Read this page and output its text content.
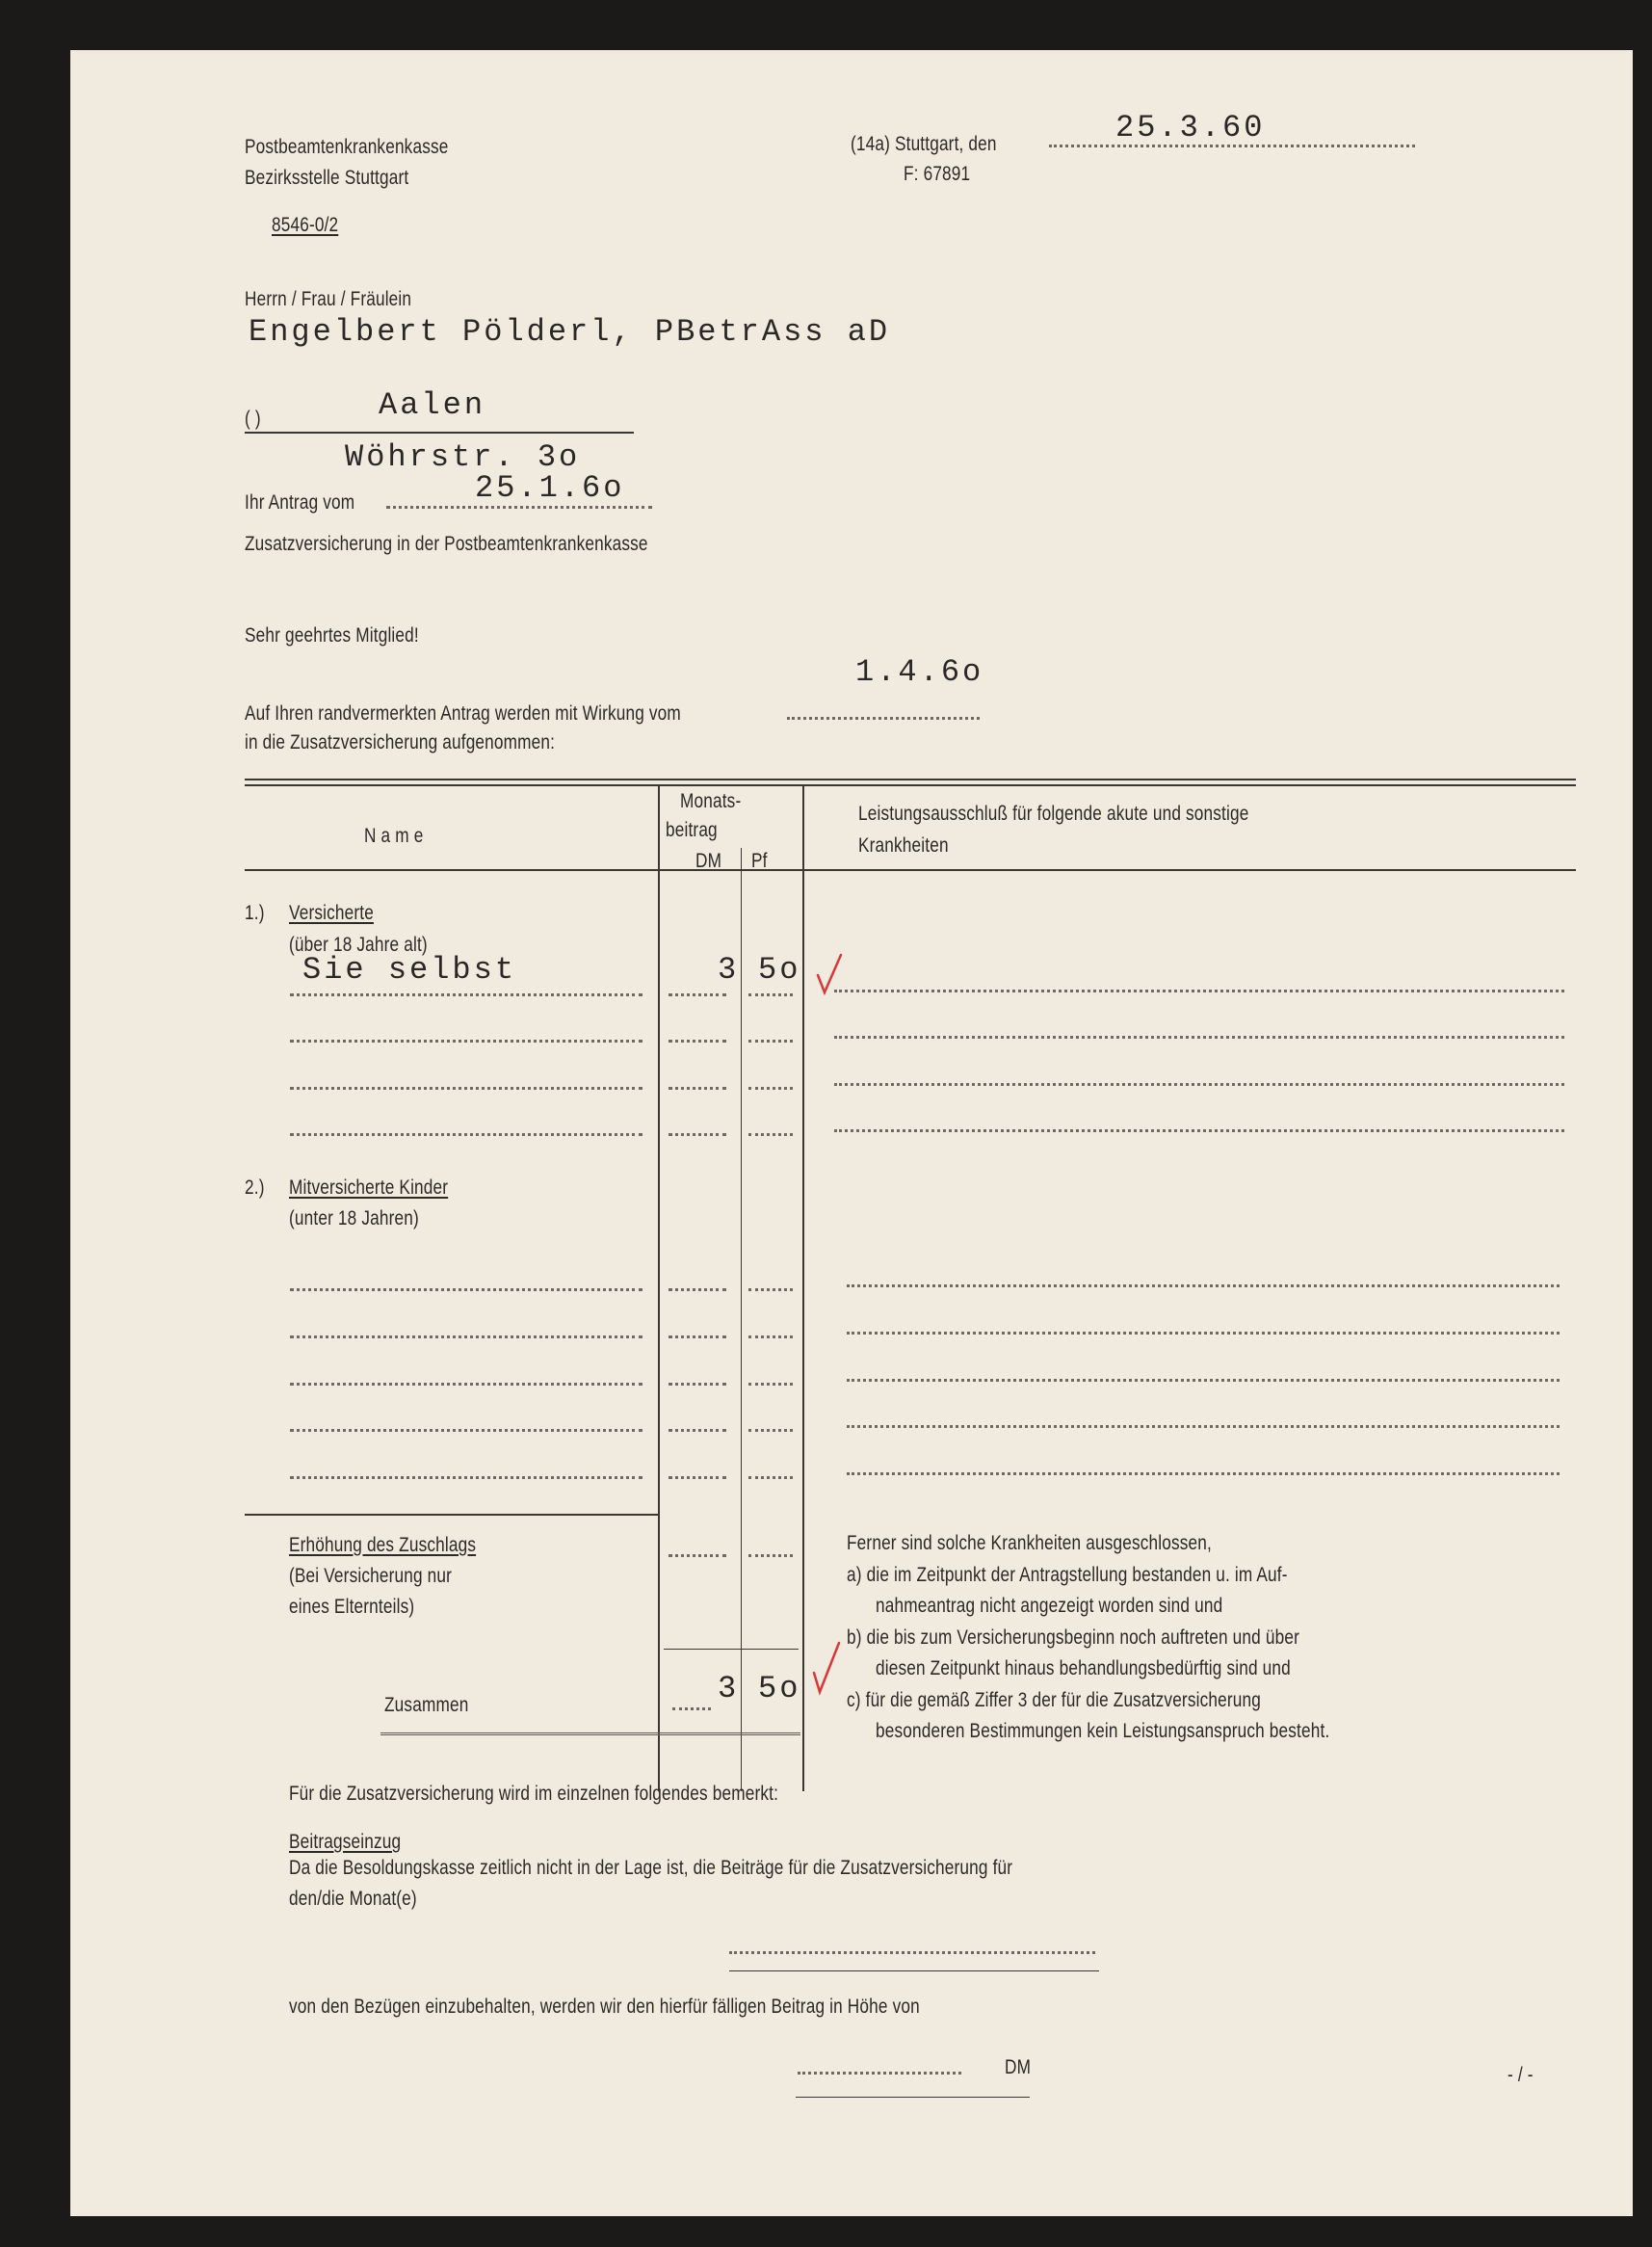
Postbeamtenkrankenkasse
Bezirksstelle Stuttgart
8546-0/2
(14a) Stuttgart, den	25.3.60
F: 67891
Herrn / Frau / Fräulein
Engelbert Pölderl, PBetrAss aD
( )	Aalen
Wöhrstr. 3o
Ihr Antrag vom	25.1.6o
Zusatzversicherung in der Postbeamtenkrankenkasse
Sehr geehrtes Mitglied!
1.4.6o
Auf Ihren randvermerkten Antrag werden mit Wirkung vom
in die Zusatzversicherung aufgenommen:
N a m e
Monats-
beitrag
DM Pf
Leistungsausschluß für folgende akute und sonstige
Krankheiten
1.) Versicherte
(über 18 Jahre alt)
Sie selbst	3 5o
2.) Mitversicherte Kinder
(unter 18 Jahren)
Erhöhung des Zuschlags
(Bei Versicherung nur
eines Elternteils)
Ferner sind solche Krankheiten ausgeschlossen,
a) die im Zeitpunkt der Antragstellung bestanden u. im Auf-
nahmeantrag nicht angezeigt worden sind und
b) die bis zum Versicherungsbeginn noch auftreten und über
diesen Zeitpunkt hinaus behandlungsbedürftig sind und
c) für die gemäß Ziffer 3 der für die Zusatzversicherung
besonderen Bestimmungen kein Leistungsanspruch besteht.
Zusammen	3 5o
Für die Zusatzversicherung wird im einzelnen folgendes bemerkt:
Beitragseinzug
Da die Besoldungskasse zeitlich nicht in der Lage ist, die Beiträge für die Zusatzversicherung für
den/die Monat(e)
von den Bezügen einzubehalten, werden wir den hierfür fälligen Beitrag in Höhe von
DM	- / -
